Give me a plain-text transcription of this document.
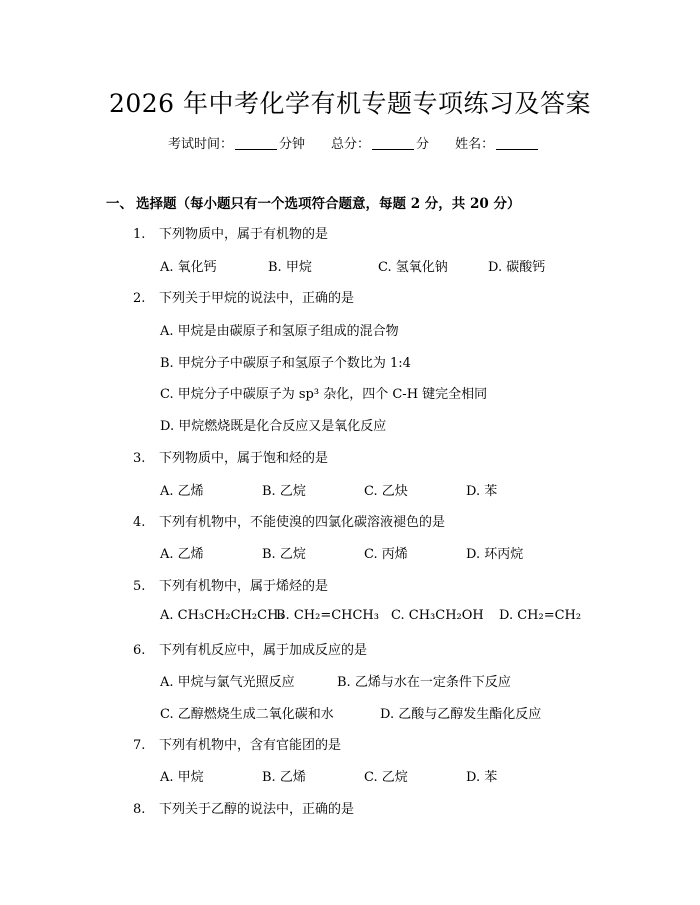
2026 年中考化学有机专题专项练习及答案
考试时间：	分钟 总分：	分 姓名：
一、 选择题（每小题只有一个选项符合题意，每题 2 分，共 20 分）
1. 下列物质中，属于有机物的是
A. 氧化钙	B. 甲烷	C. 氢氧化钠	D. 碳酸钙
2. 下列关于甲烷的说法中，正确的是
A. 甲烷是由碳原子和氢原子组成的混合物
B. 甲烷分子中碳原子和氢原子个数比为 1:4
C. 甲烷分子中碳原子为 sp³ 杂化，四个 C-H 键完全相同
D. 甲烷燃烧既是化合反应又是氧化反应
3. 下列物质中，属于饱和烃的是
A. 乙烯	B. 乙烷	C. 乙炔	D. 苯
4. 下列有机物中，不能使溴的四氯化碳溶液褪色的是
A. 乙烯	B. 乙烷	C. 丙烯	D. 环丙烷
5. 下列有机物中，属于烯烃的是
A. CH₃CH₂CH₂CH₃
B. CH₂=CHCH₃ C. CH₃CH₂OH D. CH₂=CH₂
6. 下列有机反应中，属于加成反应的是
A. 甲烷与氯气光照反应	B. 乙烯与水在一定条件下反应
C. 乙醇燃烧生成二氧化碳和水	D. 乙酸与乙醇发生酯化反应
7. 下列有机物中，含有官能团的是
A. 甲烷	B. 乙烯	C. 乙烷	D. 苯
8. 下列关于乙醇的说法中，正确的是
